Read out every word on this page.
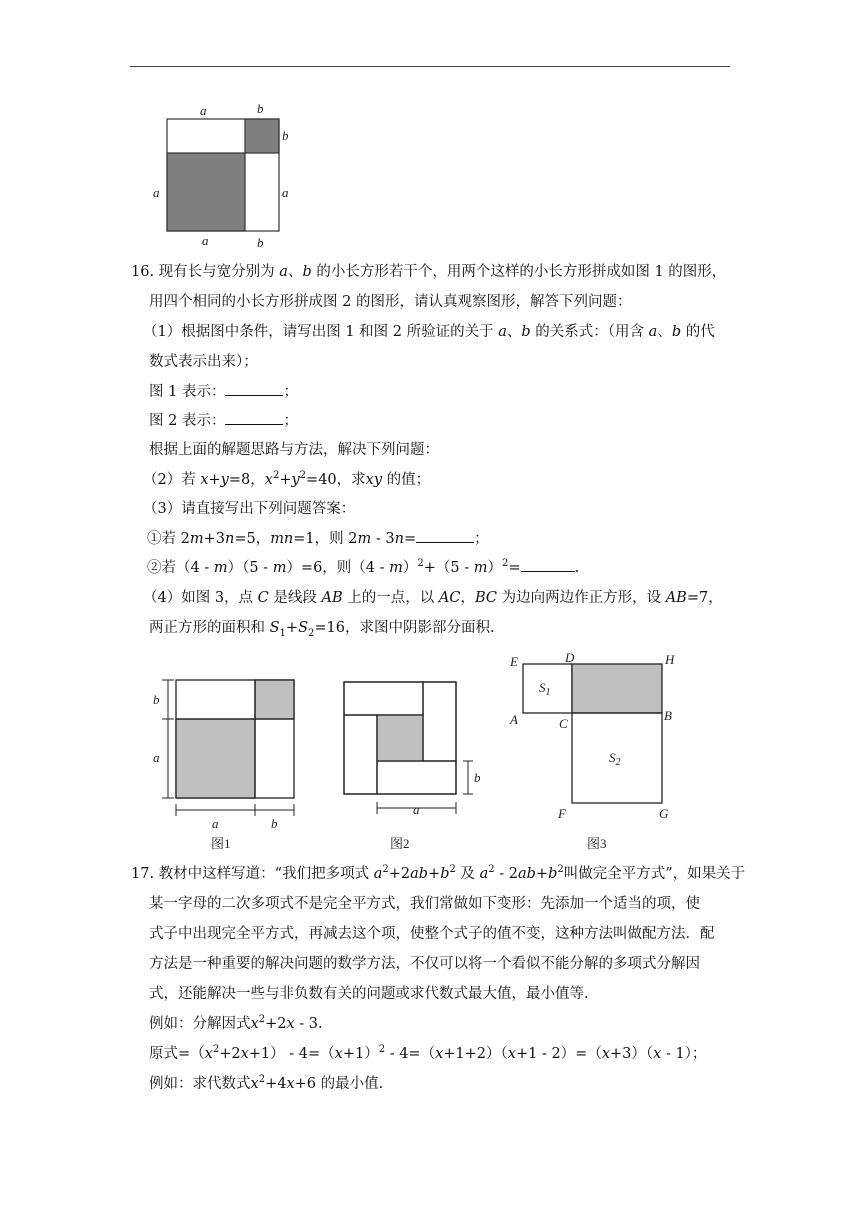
a	b
b
a	a
a	b
16. 现有长与宽分别为 a、b 的小长方形若干个，用两个这样的小长方形拼成如图 1 的图形，
用四个相同的小长方形拼成图 2 的图形，请认真观察图形，解答下列问题：
（1）根据图中条件，请写出图 1 和图 2 所验证的关于 a、b 的关系式：（用含 a、b 的代
数式表示出来）；
图 1 表示：	；
图 2 表示：	；
根据上面的解题思路与方法，解决下列问题：
（2）若 x+y=8，$x^2+y^2=40$，求xy 的值；
（3）请直接写出下列问题答案：
①若 2m+3n=5，mn=1，则 2m - 3n=	；
②若（4 - m）（5 - m）=6，则（4 - m）$^2$+（5 - m）$^2$=	.
（4）如图 3，点 C 是线段 AB 上的一点，以 AC，BC 为边向两边作正方形，设 AB=7，
两正方形的面积和 $S_1+S_2=16$，求图中阴影部分面积.
b
a
a	b
图1
b
a
图2
E	D	H
A	C
B
F	G
$S_1$
$S_2$
图3
17. 教材中这样写道：“我们把多项式 $a^2+2ab+b^2$ 及 $a^2 - 2ab+b^2$叫做完全平方式”，如果关于
某一字母的二次多项式不是完全平方式，我们常做如下变形：先添加一个适当的项，使
式子中出现完全平方式，再减去这个项，使整个式子的值不变，这种方法叫做配方法．配
方法是一种重要的解决问题的数学方法，不仅可以将一个看似不能分解的多项式分解因
式，还能解决一些与非负数有关的问题或求代数式最大值，最小值等.
例如：分解因式$x^2+2x - 3$.
原式$=(x^2+2x+1) - 4=(x+1)^2 - 4=(x+1+2)(x+1 - 2)=(x+3)(x - 1)$；
例如：求代数式$x^2+4x+6$ 的最小值.
